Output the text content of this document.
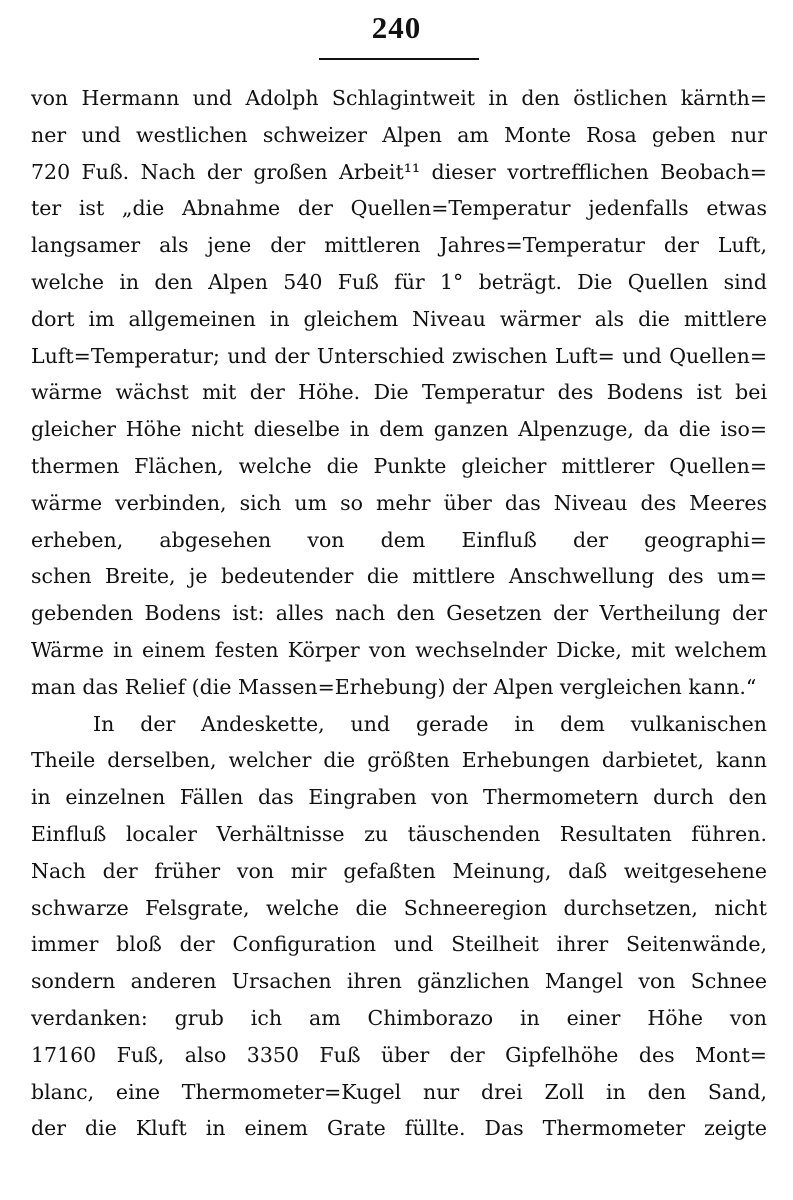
240
von Hermann und Adolph Schlagintweit in den östlichen kärnth=
ner und westlichen schweizer Alpen am Monte Rosa geben nur
720 Fuß. Nach der großen Arbeit¹¹ dieser vortrefflichen Beobach=
ter ist „die Abnahme der Quellen=Temperatur jedenfalls etwas
langsamer als jene der mittleren Jahres=Temperatur der Luft,
welche in den Alpen 540 Fuß für 1° beträgt. Die Quellen sind
dort im allgemeinen in gleichem Niveau wärmer als die mittlere
Luft=Temperatur; und der Unterschied zwischen Luft= und Quellen=
wärme wächst mit der Höhe. Die Temperatur des Bodens ist bei
gleicher Höhe nicht dieselbe in dem ganzen Alpenzuge, da die iso=
thermen Flächen, welche die Punkte gleicher mittlerer Quellen=
wärme verbinden, sich um so mehr über das Niveau des Meeres
erheben, abgesehen von dem Einfluß der geographi=
schen Breite, je bedeutender die mittlere Anschwellung des um=
gebenden Bodens ist: alles nach den Gesetzen der Vertheilung der
Wärme in einem festen Körper von wechselnder Dicke, mit welchem
man das Relief (die Massen=Erhebung) der Alpen vergleichen kann.“
In der Andeskette, und gerade in dem vulkanischen
Theile derselben, welcher die größten Erhebungen darbietet, kann
in einzelnen Fällen das Eingraben von Thermometern durch den
Einfluß localer Verhältnisse zu täuschenden Resultaten führen.
Nach der früher von mir gefaßten Meinung, daß weitgesehene
schwarze Felsgrate, welche die Schneeregion durchsetzen, nicht
immer bloß der Configuration und Steilheit ihrer Seitenwände,
sondern anderen Ursachen ihren gänzlichen Mangel von Schnee
verdanken: grub ich am Chimborazo in einer Höhe von
17160 Fuß, also 3350 Fuß über der Gipfelhöhe des Mont=
blanc, eine Thermometer=Kugel nur drei Zoll in den Sand,
der die Kluft in einem Grate füllte. Das Thermometer zeigte
